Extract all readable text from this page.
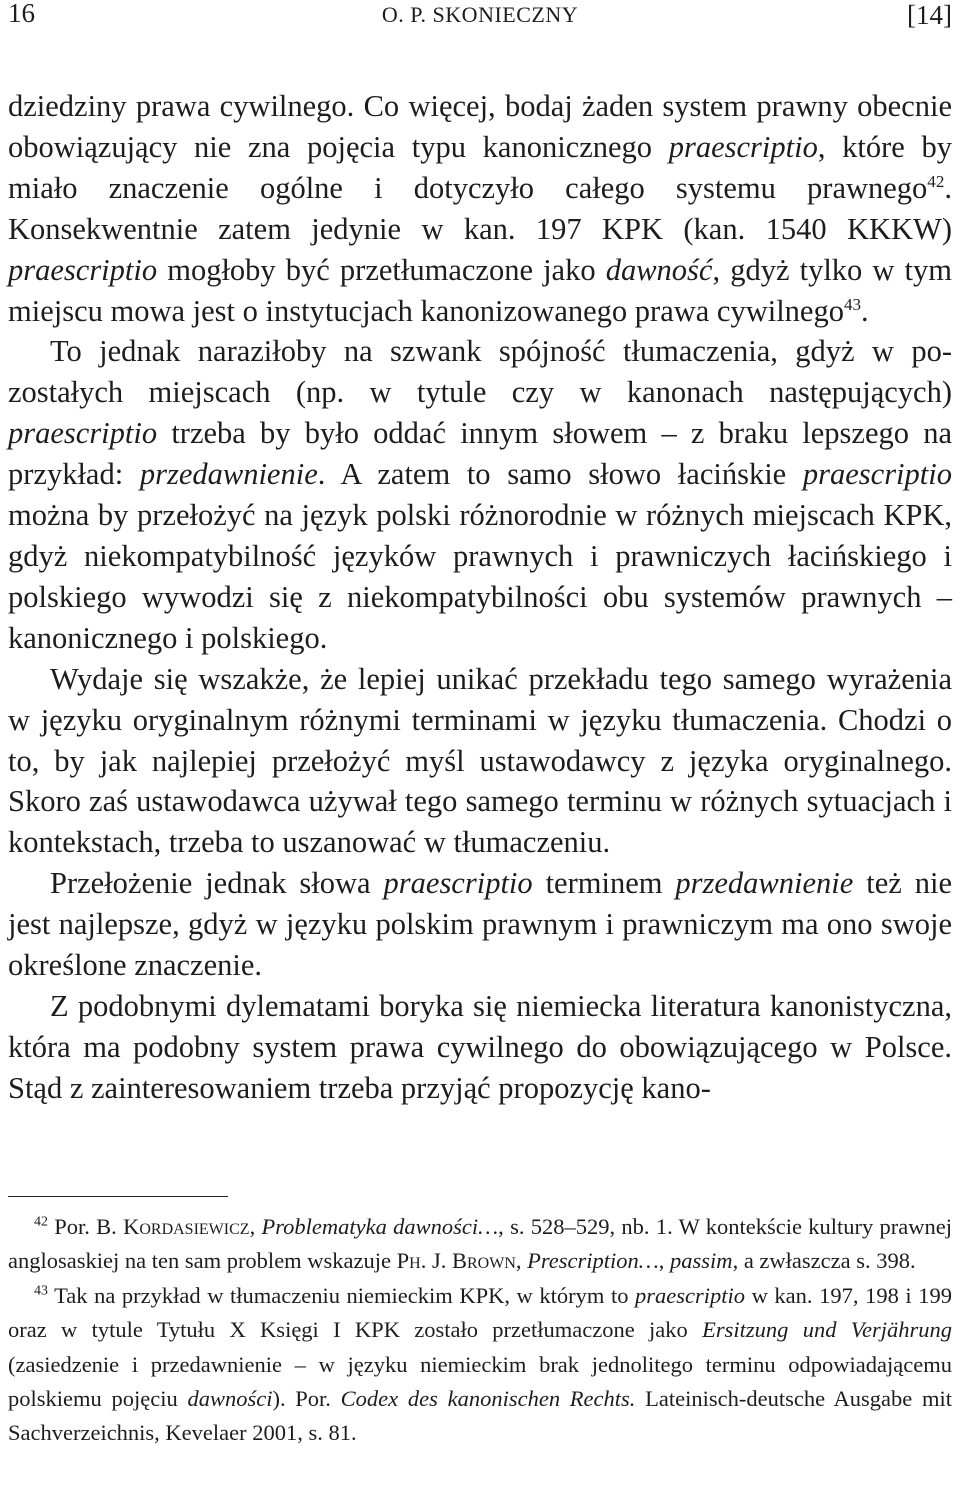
16	O. P. SKONIECZNY	[14]

dziedziny prawa cywilnego. Co więcej, bodaj żaden system prawny obecnie obowiązujący nie zna pojęcia typu kanonicznego praescriptio, które by miało znaczenie ogólne i dotyczyło całego systemu prawnego$^{42}$. Konsekwentnie zatem jedynie w kan. 197 KPK (kan. 1540 KKKW) praescriptio mogłoby być przetłumaczone jako dawność, gdyż tylko w tym miejscu mowa jest o instytucjach kanonizowanego prawa cywilnego$^{43}$.

To jednak naraziłoby na szwank spójność tłumaczenia, gdyż w pozostałych miejscach (np. w tytule czy w kanonach następujących) praescriptio trzeba by było oddać innym słowem – z braku lepszego na przykład: przedawnienie. A zatem to samo słowo łacińskie praescriptio można by przełożyć na język polski różnorodnie w różnych miejscach KPK, gdyż niekompatybilność języków prawnych i prawniczych łacińskiego i polskiego wywodzi się z niekompatybilności obu systemów prawnych – kanonicznego i polskiego.

Wydaje się wszakże, że lepiej unikać przekładu tego samego wyrażenia w języku oryginalnym różnymi terminami w języku tłumaczenia. Chodzi o to, by jak najlepiej przełożyć myśl ustawodawcy z języka oryginalnego. Skoro zaś ustawodawca używał tego samego terminu w różnych sytuacjach i kontekstach, trzeba to uszanować w tłumaczeniu.

Przełożenie jednak słowa praescriptio terminem przedawnienie też nie jest najlepsze, gdyż w języku polskim prawnym i prawniczym ma ono swoje określone znaczenie.

Z podobnymi dylematami boryka się niemiecka literatura kanonistyczna, która ma podobny system prawa cywilnego do obowiązującego w Polsce. Stąd z zainteresowaniem trzeba przyjąć propozycję kano-

$^{42}$ Por. B. Kordasiewicz, Problematyka dawności…, s. 528–529, nb. 1. W kontekście kultury prawnej anglosaskiej na ten sam problem wskazuje Ph. J. Brown, Prescription…, passim, a zwłaszcza s. 398.

$^{43}$ Tak na przykład w tłumaczeniu niemieckim KPK, w którym to praescriptio w kan. 197, 198 i 199 oraz w tytule Tytułu X Księgi I KPK zostało przetłumaczone jako Ersitzung und Verjährung (zasiedzenie i przedawnienie – w języku niemieckim brak jednolitego terminu odpowiadającemu polskiemu pojęciu dawności). Por. Codex des kanonischen Rechts. Lateinisch-deutsche Ausgabe mit Sachverzeichnis, Kevelaer 2001, s. 81.
